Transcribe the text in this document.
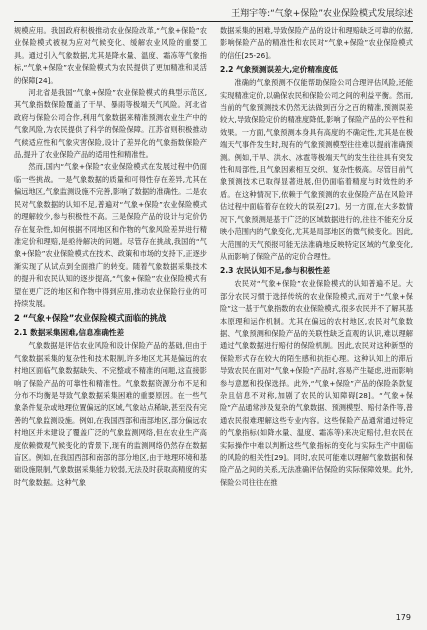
王翔宇等:“气象+保险”农业保险模式发展综述

规模应用。我国政府积极推动农业保险改革,“气象+保险”农业保险模式被视为应对气候变化、缓解农业风险的重要工具。通过引入气象数据,尤其是降水量、温度、霜冻等气象指标,“气象+保险”农业保险模式为农民提供了更加精准和灵活的保障[24]。

河北省是我国“气象+保险”农业保险模式的典型示范区,其气象指数保险覆盖了干旱、暴雨等极端天气风险。河北省政府与保险公司合作,利用气象数据来精准预测农业生产中的气象风险,为农民提供了科学的保险保障。江苏省则积极推动气候适应性和气象灾害保险,设计了差异化的气象指数保险产品,提升了农业保险产品的适用性和精准性。

然而,国内“气象+保险”农业保险模式在发展过程中仍面临一些挑战。一是气象数据的质量和可得性存在差异,尤其在偏远地区,气象监测设施不完善,影响了数据的准确性。二是农民对气象数据的认知不足,普遍对“气象+保险”农业保险模式的理解较少,参与积极性不高。三是保险产品的设计与定价仍存在复杂性,如何根据不同地区和作物的气象风险差异进行精准定价和理赔,是亟待解决的问题。尽管存在挑战,我国的“气象+保险”农业保险模式在技术、政策和市场的支持下,正逐步渐实现了从试点到全面推广的转变。随着气象数据采集技术的提升和农民认知的逐步提高,“气象+保险”农业保险模式有望在更广泛的地区和作物中得到应用,推动农业保险行业的可持续发展。

2 “气象+保险”农业保险模式面临的挑战
2.1 数据采集困难,信息准确性差

气象数据是评估农业风险和设计保险产品的基础,但由于气象数据采集的复杂性和技术限制,许多地区尤其是偏远的农村地区面临气象数据缺失、不完整或不精准的问题,这直接影响了保险产品的可靠性和精准性。气象数据资源分布不足和分布不均衡是导致气象数据采集困难的重要原因。在一些气象条件复杂或地理位置偏远的区域,气象站点稀缺,甚至没有完善的气象监测设施。例如,在我国西部和南部地区,部分偏远农村地区并未建设了覆盖广泛的气象监测网络,但在农业生产高度依赖微观气候变化的背景下,现有的监测网络仍然存在数据盲区。例如,在我国西部和南部的部分地区,由于地理环境和基础设施限制,气象数据采集能力较弱,无法及时获取高精度的实时气象数据。这种气象

数据采集的困难,导致保险产品的设计和理赔缺乏可靠的依据,影响保险产品的精准性和农民对“气象+保险”农业保险模式的信任[25-26]。

2.2 气象预测误差大,定价精准度低

准确的气象预测不仅能帮助保险公司合理评估风险,还能实现精准定价,以确保农民和保险公司之间的利益平衡。然而,当前的气象预测技术仍然无法做到百分之百的精准,预测误差较大,导致保险定价的精准度降低,影响了保险产品的公平性和效果。一方面,气象预测本身具有高度的不确定性,尤其是在极端天气事件发生时,现有的气象预测模型往往难以提前准确预测。例如,干旱、洪水、冰雹等极端天气的发生往往具有突发性和局部性,且气象因素相互交织、复杂性极高。尽管目前气象预测技术已取得显著进展,但仍面临着精度与时效性的矛盾。在这种情况下,依赖于气象预测的农业保险产品在风险评估过程中面临着存在较大的误差[27]。另一方面,在大多数情况下,气象预测是基于广泛的区域数据进行的,往往不能充分反映小范围内的气象变化,尤其是局部地区的微气候变化。因此,大范围的天气预报可能无法准确地反映特定区域的气象变化,从而影响了保险产品的定价合理性。

2.3 农民认知不足,参与积极性差

农民对“气象+保险”农业保险模式的认知普遍不足。大部分农民习惯于选择传统的农业保险模式,而对于“气象+保险”这一基于气象指数的农业保险模式,很多农民并不了解其基本原理和运作机制。尤其在偏远的农村地区,农民对气象数据、气象预测和保险产品的关联性缺乏直观的认识,难以理解通过气象数据进行赔付的保险机制。因此,农民对这种新型的保险形式存在较大的陌生感和抗拒心理。这种认知上的滞后导致农民在面对“气象+保险”产品时,容易产生疑虑,进而影响参与意愿和投保选择。此外,“气象+保险”产品的保险条款复杂且信息不对称,加剧了农民的认知障碍[28]。“气象+保险”产品通常涉及复杂的气象数据、预测模型、赔付条件等,普通农民很难理解这些专业内容。这些保险产品通常通过特定的气象指标(如降水量、温度、霜冻等)来决定赔付,但农民在实际操作中难以判断这些气象指标的变化与实际生产中面临的风险的相关性[29]。同时,农民可能难以理解气象数据和保险产品之间的关系,无法准确评估保险的实际保障效果。此外,保险公司往往在推

179
